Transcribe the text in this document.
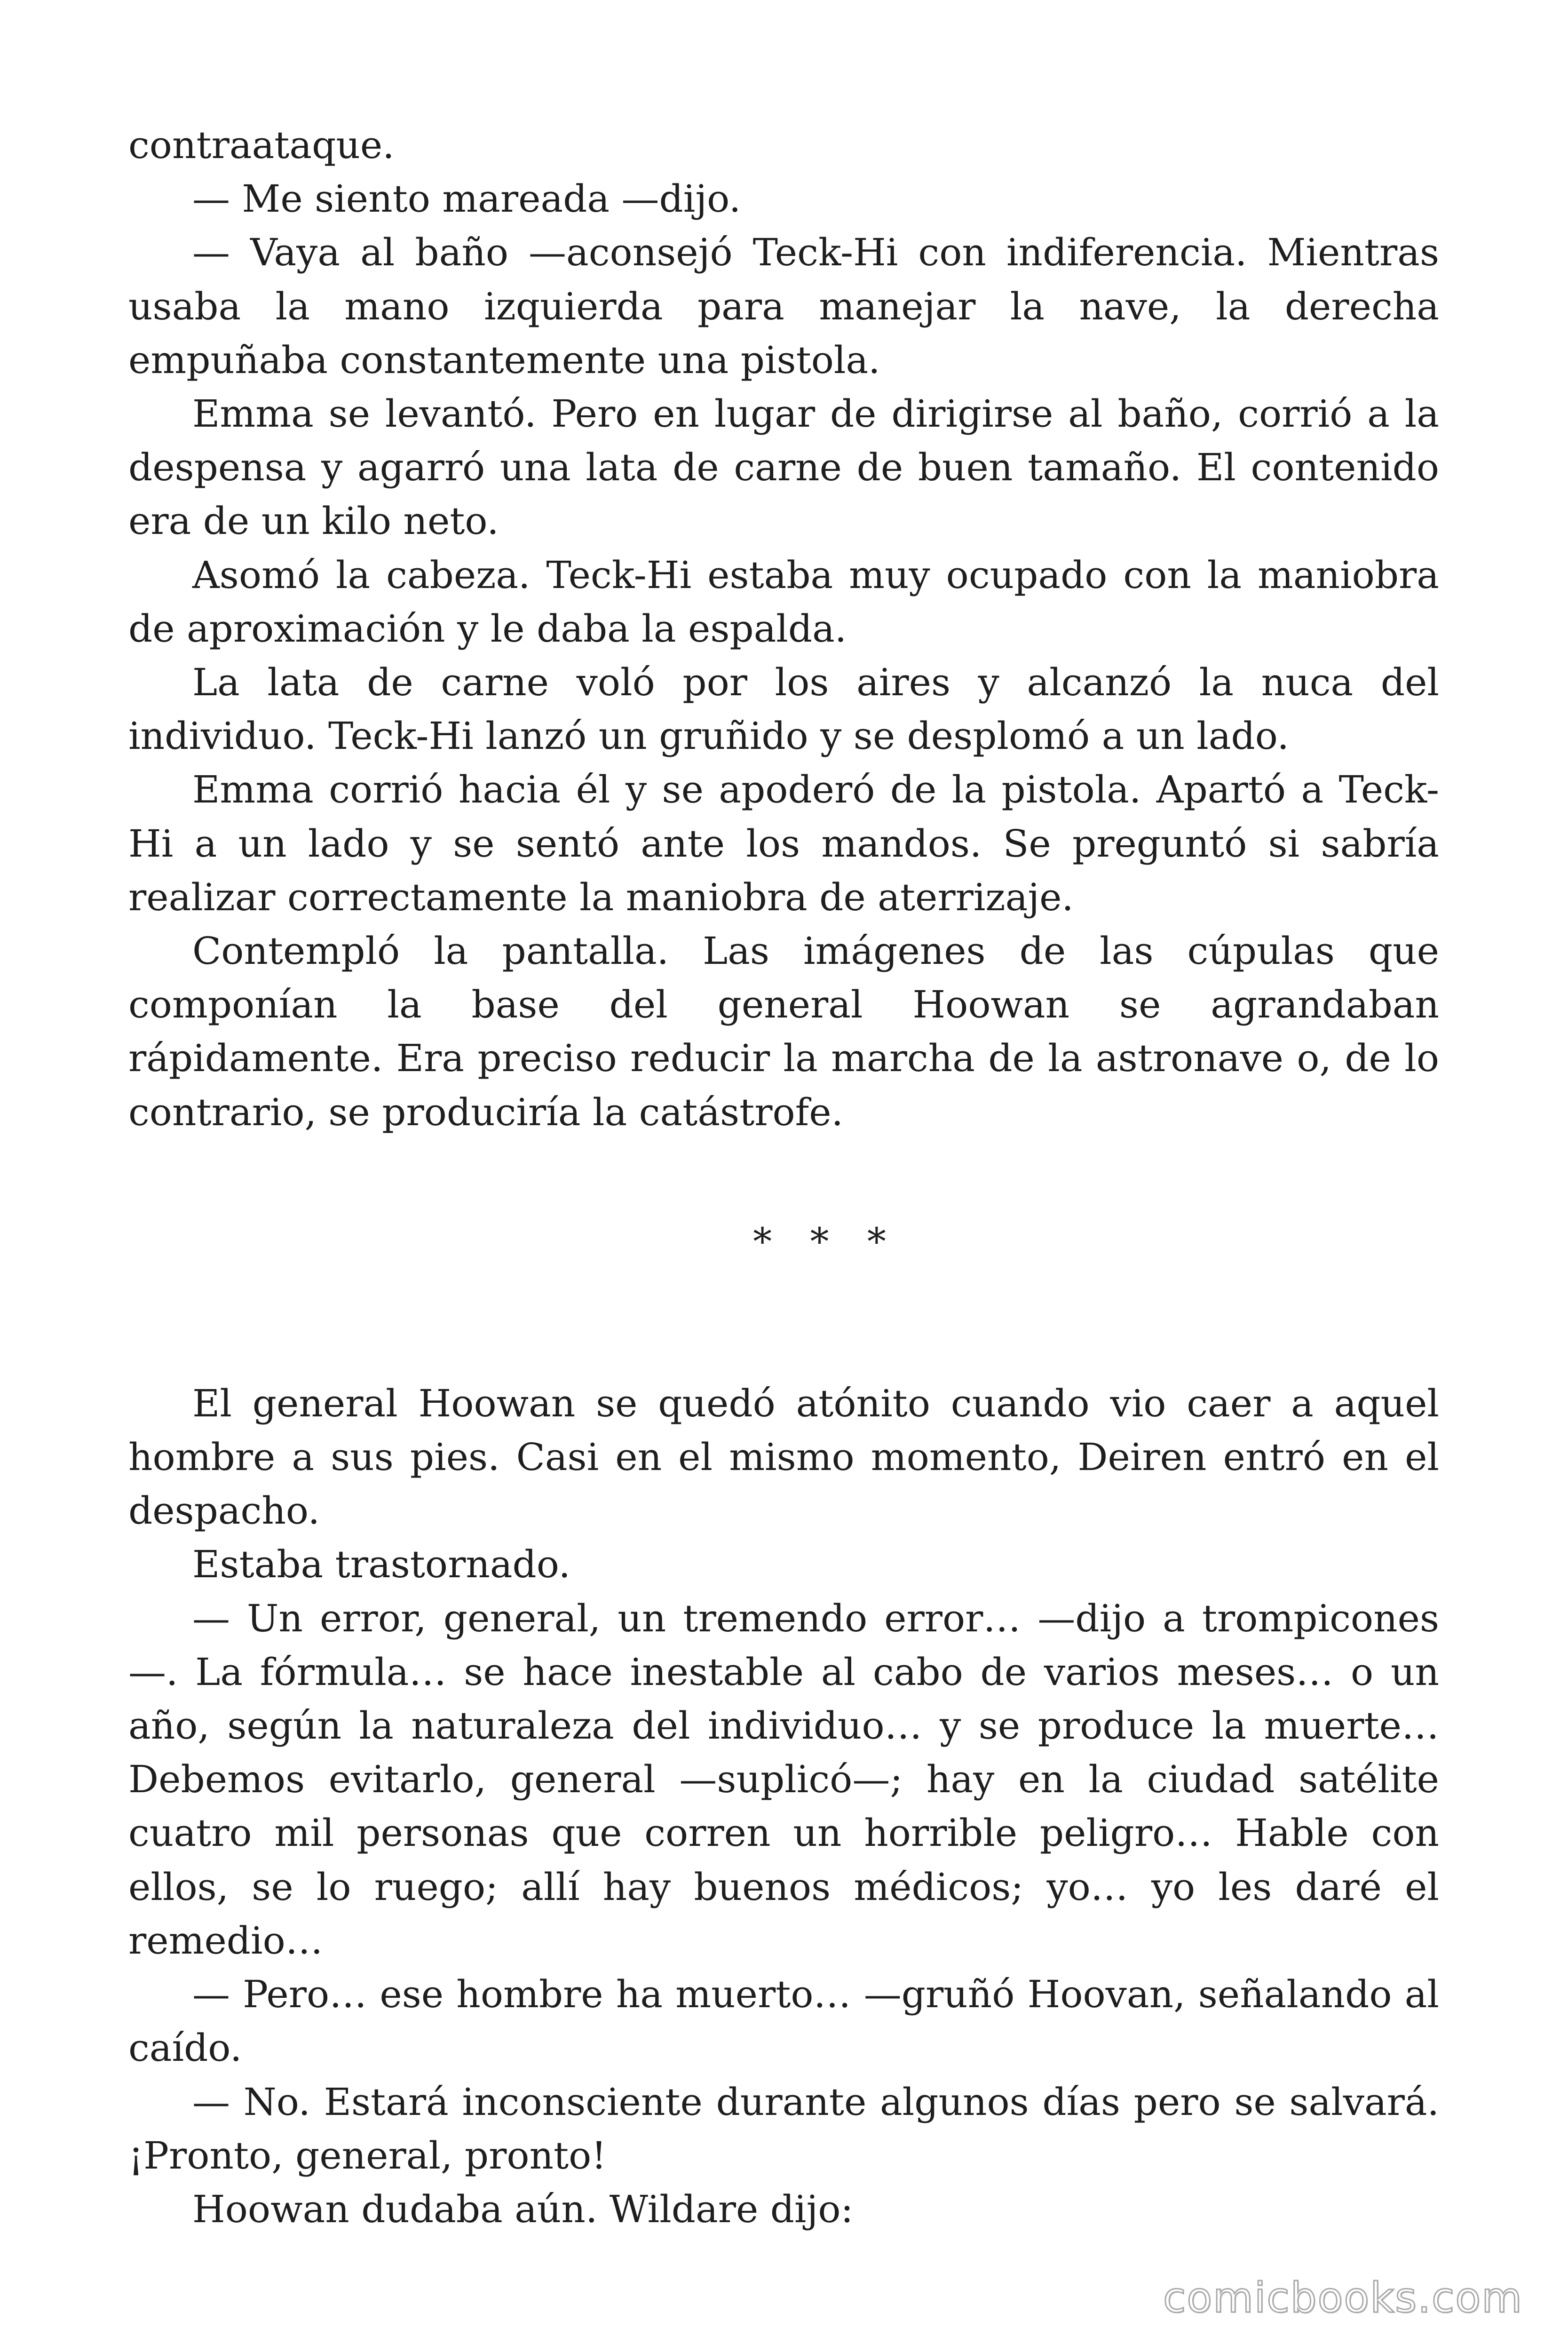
contraataque.

— Me siento mareada —dijo.

— Vaya al baño —aconsejó Teck-Hi con indiferencia. Mientras usaba la mano izquierda para manejar la nave, la derecha empuñaba constantemente una pistola.

Emma se levantó. Pero en lugar de dirigirse al baño, corrió a la despensa y agarró una lata de carne de buen tamaño. El contenido era de un kilo neto.

Asomó la cabeza. Teck-Hi estaba muy ocupado con la maniobra de aproximación y le daba la espalda.

La lata de carne voló por los aires y alcanzó la nuca del individuo. Teck-Hi lanzó un gruñido y se desplomó a un lado.

Emma corrió hacia él y se apoderó de la pistola. Apartó a Teck-Hi a un lado y se sentó ante los mandos. Se preguntó si sabría realizar correctamente la maniobra de aterrizaje.

Contempló la pantalla. Las imágenes de las cúpulas que componían la base del general Hoowan se agrandaban rápidamente. Era preciso reducir la marcha de la astronave o, de lo contrario, se produciría la catástrofe.

* * *

El general Hoowan se quedó atónito cuando vio caer a aquel hombre a sus pies. Casi en el mismo momento, Deiren entró en el despacho.

Estaba trastornado.

— Un error, general, un tremendo error… —dijo a trompicones —. La fórmula… se hace inestable al cabo de varios meses… o un año, según la naturaleza del individuo… y se produce la muerte… Debemos evitarlo, general —suplicó—; hay en la ciudad satélite cuatro mil personas que corren un horrible peligro… Hable con ellos, se lo ruego; allí hay buenos médicos; yo… yo les daré el remedio…

— Pero… ese hombre ha muerto… —gruñó Hoovan, señalando al caído.

— No. Estará inconsciente durante algunos días pero se salvará. ¡Pronto, general, pronto!

Hoowan dudaba aún. Wildare dijo:

comicbooks.com
